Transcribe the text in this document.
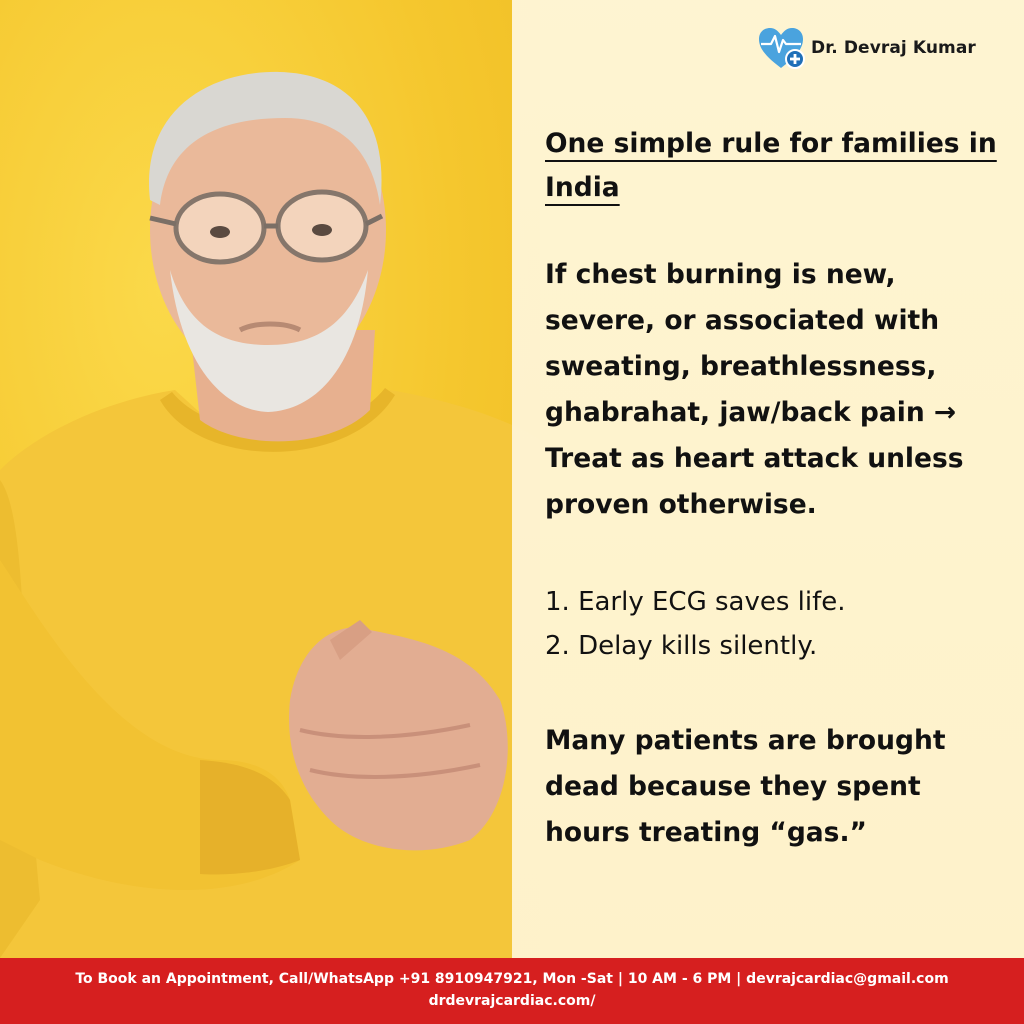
Dr. Devraj Kumar
One simple rule for families in India
If chest burning is new, severe, or associated with sweating, breathlessness, ghabrahat, jaw/back pain → Treat as heart attack unless proven otherwise.
1. Early ECG saves life.
2. Delay kills silently.
Many patients are brought dead because they spent hours treating “gas.”
To Book an Appointment, Call/WhatsApp +91 8910947921, Mon -Sat | 10 AM - 6 PM | devrajcardiac@gmail.com
drdevrajcardiac.com/
